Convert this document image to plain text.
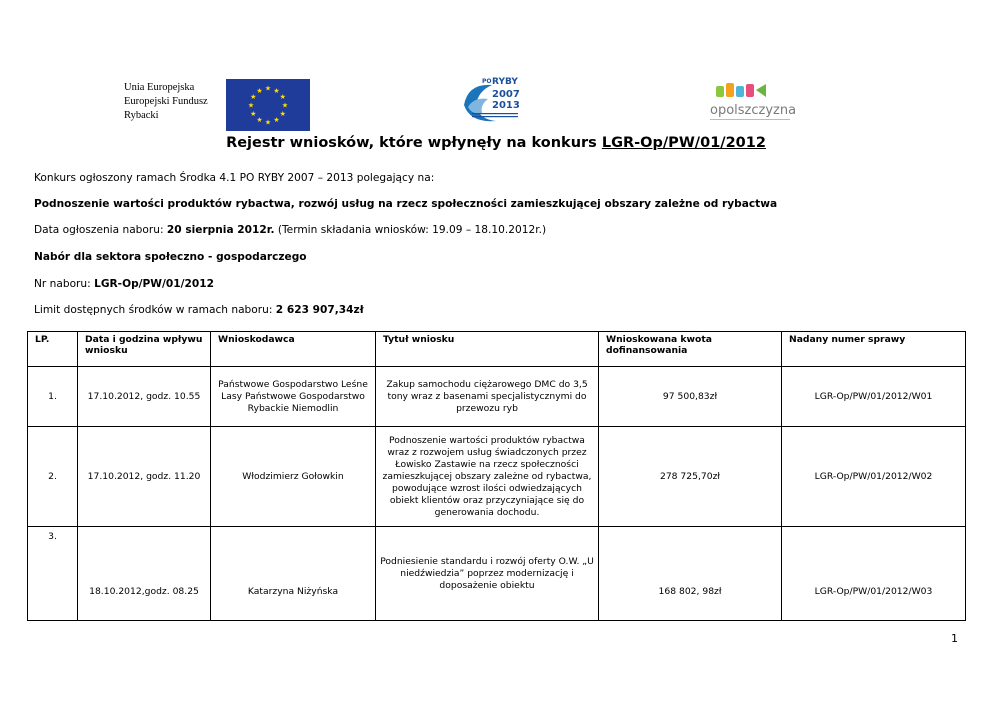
Unia Europejska
Europejski Fundusz
Rybacki
★ ★
★
★
★
★
★
★
★
★
★
★
PO RYBY
2007
2013	opolszczyzna
Rejestr wniosków, które wpłynęły na konkurs LGR-Op/PW/01/2012
Konkurs ogłoszony ramach Środka 4.1 PO RYBY 2007 – 2013 polegający na:
Podnoszenie wartości produktów rybactwa, rozwój usług na rzecz społeczności zamieszkującej obszary zależne od rybactwa
Data ogłoszenia naboru: 20 sierpnia 2012r. (Termin składania wniosków: 19.09 – 18.10.2012r.)
Nabór dla sektora społeczno - gospodarczego
Nr naboru: LGR-Op/PW/01/2012
Limit dostępnych środków w ramach naboru: 2 623 907,34zł
LP.	Data i godzina wpływu wniosku	Wnioskodawca	Tytuł wniosku	Wnioskowana kwota dofinansowania	Nadany numer sprawy
1.	17.10.2012, godz. 10.55	Państwowe Gospodarstwo Leśne Lasy Państwowe Gospodarstwo Rybackie Niemodlin	Zakup samochodu ciężarowego DMC do 3,5 tony wraz z basenami specjalistycznymi do przewozu ryb	97 500,83zł	LGR-Op/PW/01/2012/W01
2.	17.10.2012, godz. 11.20	Włodzimierz Gołowkin	Podnoszenie wartości produktów rybactwa wraz z rozwojem usług świadczonych przez Łowisko Zastawie na rzecz społeczności zamieszkującej obszary zależne od rybactwa, powodujące wzrost ilości odwiedzających obiekt klientów oraz przyczyniające się do generowania dochodu.	278 725,70zł	LGR-Op/PW/01/2012/W02
3.	18.10.2012,godz. 08.25	Katarzyna Niżyńska	Podniesienie standardu i rozwój oferty O.W. „U niedźwiedzia” poprzez modernizację i doposażenie obiektu	168 802, 98zł	LGR-Op/PW/01/2012/W03
1
